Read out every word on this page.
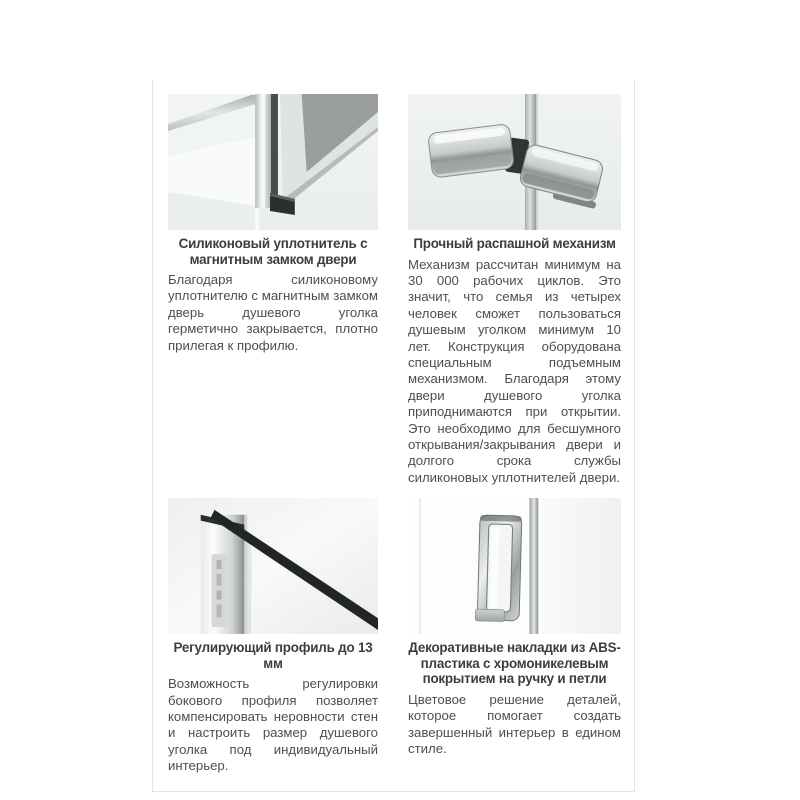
Силиконовый уплотнитель с магнитным замком двери

Благодаря силиконовому уплотнителю с магнитным замком дверь душевого уголка герметично закрывается, плотно прилегая к профилю.

Прочный распашной механизм

Механизм рассчитан минимум на 30 000 рабочих циклов. Это значит, что семья из четырех человек сможет пользоваться душевым уголком минимум 10 лет. Конструкция оборудована специальным подъемным механизмом. Благодаря этому двери душевого уголка приподнимаются при открытии. Это необходимо для бесшумного открывания/закрывания двери и долгого срока службы силиконовых уплотнителей двери.

Регулирующий профиль до 13 мм

Возможность регулировки бокового профиля позволяет компенсировать неровности стен и настроить размер душевого уголка под индивидуальный интерьер.

Декоративные накладки из ABS-пластика с хромоникелевым покрытием на ручку и петли

Цветовое решение деталей, которое помогает создать завершенный интерьер в едином стиле.
